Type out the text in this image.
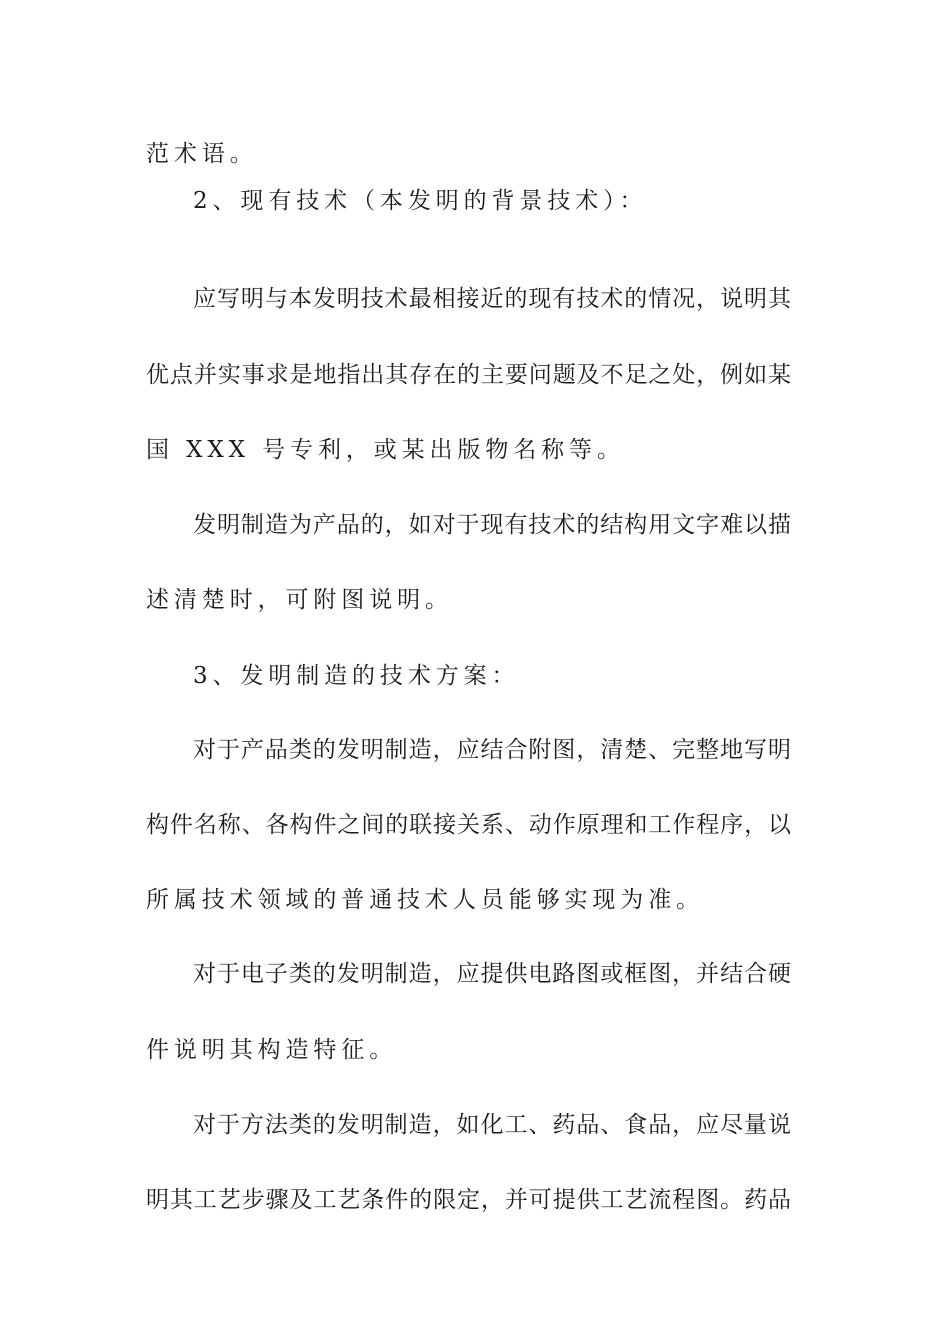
范术语。
2、现有技术（本发明的背景技术）：
应写明与本发明技术最相接近的现有技术的情况，说明其
优点并实事求是地指出其存在的主要问题及不足之处，例如某
国 XXX 号专利，或某出版物名称等。
发明制造为产品的，如对于现有技术的结构用文字难以描
述清楚时，可附图说明。
3、发明制造的技术方案：
对于产品类的发明制造，应结合附图，清楚、完整地写明
构件名称、各构件之间的联接关系、动作原理和工作程序，以
所属技术领域的普通技术人员能够实现为准。
对于电子类的发明制造，应提供电路图或框图，并结合硬
件说明其构造特征。
对于方法类的发明制造，如化工、药品、食品，应尽量说
明其工艺步骤及工艺条件的限定，并可提供工艺流程图。药品
